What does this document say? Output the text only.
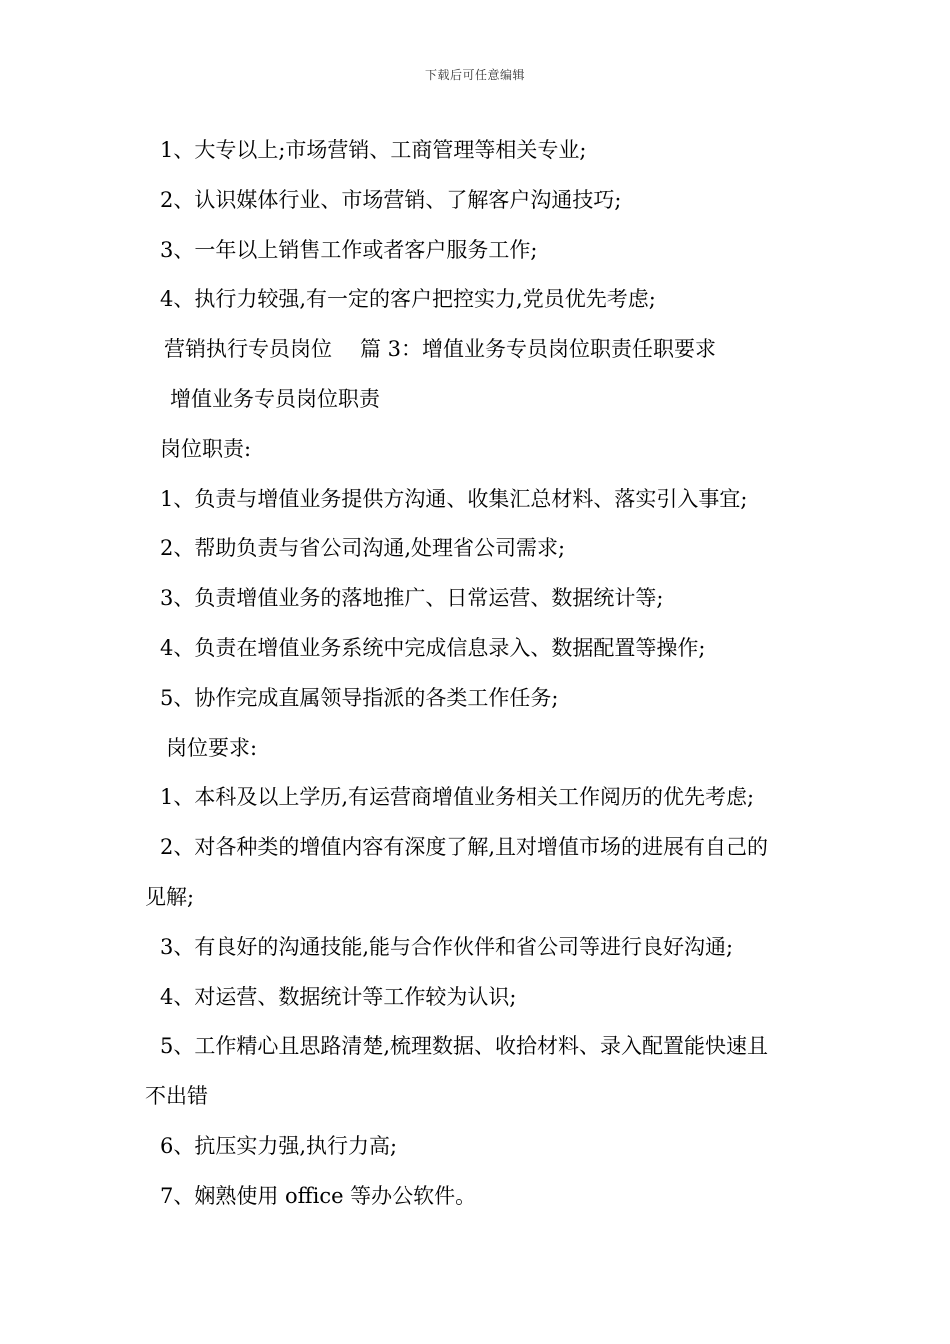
下载后可任意编辑
1、大专以上;市场营销、工商管理等相关专业;
2、认识媒体行业、市场营销、了解客户沟通技巧;
3、一年以上销售工作或者客户服务工作;
4、执行力较强,有一定的客户把控实力,党员优先考虑;
营销执行专员岗位 篇 3：增值业务专员岗位职责任职要求
增值业务专员岗位职责
岗位职责:
1、负责与增值业务提供方沟通、收集汇总材料、落实引入事宜;
2、帮助负责与省公司沟通,处理省公司需求;
3、负责增值业务的落地推广、日常运营、数据统计等;
4、负责在增值业务系统中完成信息录入、数据配置等操作;
5、协作完成直属领导指派的各类工作任务;
岗位要求:
1、本科及以上学历,有运营商增值业务相关工作阅历的优先考虑;
2、对各种类的增值内容有深度了解,且对增值市场的进展有自己的
见解;
3、有良好的沟通技能,能与合作伙伴和省公司等进行良好沟通;
4、对运营、数据统计等工作较为认识;
5、工作精心且思路清楚,梳理数据、收拾材料、录入配置能快速且
不出错
6、抗压实力强,执行力高;
7、娴熟使用 office 等办公软件。
